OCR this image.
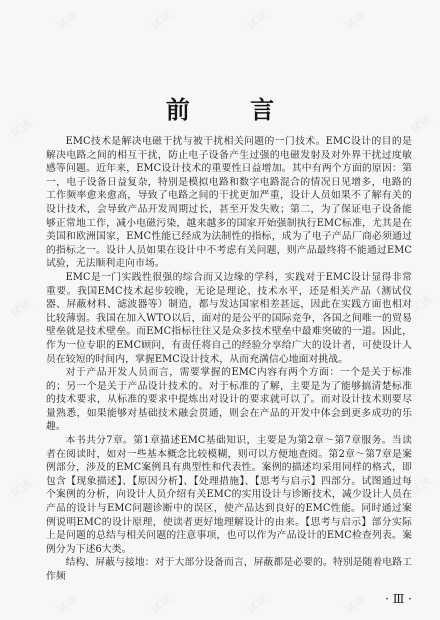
试读	试读	试读	试读
试读	试读
试读	试读
试读	试读
试读	试读	试读	试读
前 言

EMC技术是解决电磁干扰与被干扰相关问题的一门技术。EMC设计的目的是解决电路之间的相互干扰，防止电子设备产生过强的电磁发射及对外界干扰过度敏感等问题。近年来，EMC设计技术的重要性日益增加。其中有两个方面的原因：第一，电子设备日益复杂，特别是模拟电路和数字电路混合的情况日见增多，电路的工作频率愈来愈高，导致了电路之间的干扰更加严重，设计人员如果不了解有关的设计技术，会导致产品开发周期过长，甚至开发失败；第二，为了保证电子设备能够正常地工作，减小电磁污染，越来越多的国家开始强制执行EMC标准，尤其是在美国和欧洲国家，EMC性能已经成为法制性的指标，成为了电子产品厂商必须通过的指标之一。设计人员如果在设计中不考虑有关问题，则产品最终将不能通过EMC试验，无法顺利走向市场。

EMC是一门实践性很强的综合而又边缘的学科，实践对于EMC设计显得非常重要。我国EMC技术起步较晚，无论是理论、技术水平，还是相关产品（测试仪器、屏蔽材料、滤波器等）制造，都与发达国家相差甚远，因此在实践方面也相对比较薄弱。我国在加入WTO以后，面对的是公平的国际竞争，各国之间唯一的贸易壁垒就是技术壁垒。而EMC指标往往又是众多技术壁垒中最难突破的一道。因此，作为一位专职的EMC顾问，有责任将自己的经验分享给广大的设计者，可使设计人员在较短的时间内，掌握EMC设计技术，从而充满信心地面对挑战。

对于产品开发人员而言，需要掌握的EMC内容有两个方面：一个是关于标准的；另一个是关于产品设计技术的。对于标准的了解，主要是为了能够搞清楚标准的技术要求，从标准的要求中提炼出对设计的要求就可以了。而对设计技术则要尽量熟悉，如果能够对基础技术融会贯通，则会在产品的开发中体会到更多成功的乐趣。

本书共分7章。第1章描述EMC基础知识，主要是为第2章～第7章服务。当读者在阅读时，如对一些基本概念比较模糊，则可以方便地查阅。第2章～第7章是案例部分，涉及的EMC案例具有典型性和代表性。案例的描述均采用同样的格式，即包含【现象描述】、【原因分析】、【处理措施】、【思考与启示】四部分。试图通过每个案例的分析，向设计人员介绍有关EMC的实用设计与诊断技术，减少设计人员在产品的设计与EMC问题诊断中的误区，使产品达到良好的EMC性能。同时通过案例说明EMC的设计原理，使读者更好地理解设计的由来。【思考与启示】部分实际上是问题的总结与相关问题的注意事项，也可以作为产品设计的EMC检查列表。案例分为下述6大类。

结构、屏蔽与接地：对于大部分设备而言，屏蔽都是必要的。特别是随着电路工作频

· Ⅲ ·
